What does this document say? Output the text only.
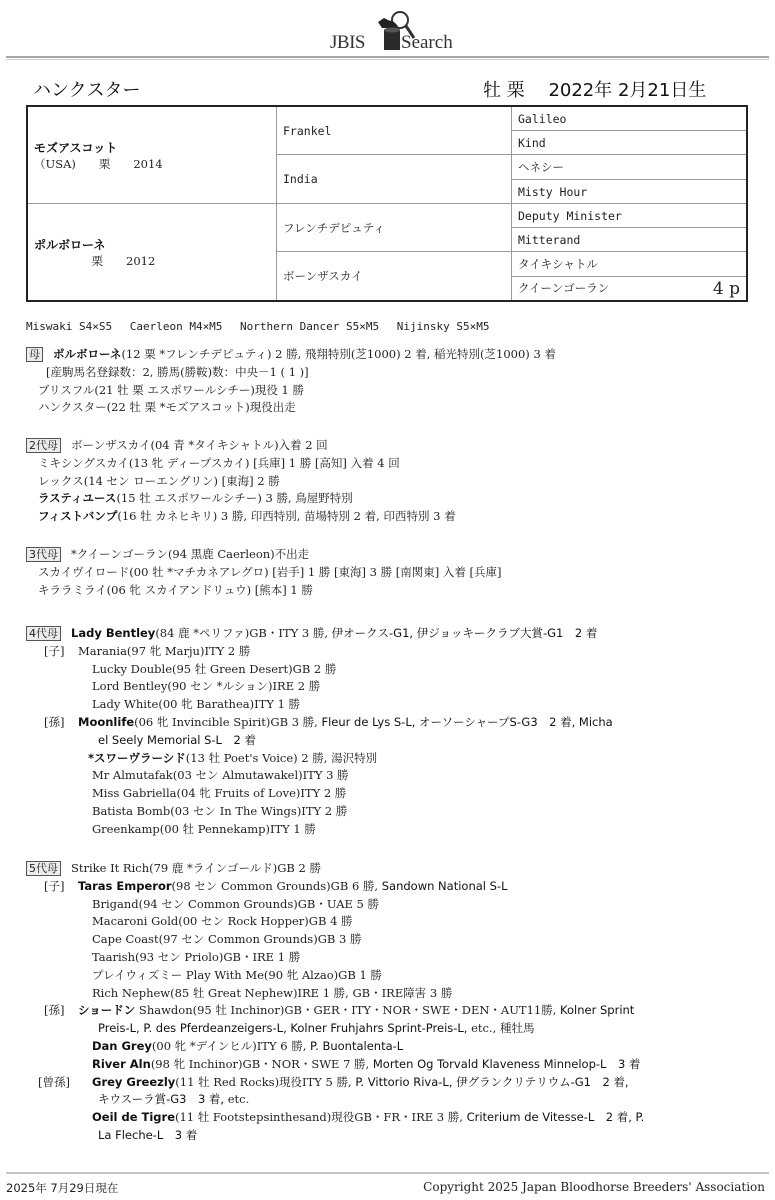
JBIS Search
ハンクスター	牡 栗　 2022年 2月21日生
モズアスコット
（USA)　　栗　　2014	Frankel	Galileo
		Kind
	India	ヘネシー
		Misty Hour

ポルボローネ
　　　　　栗　　2012	フレンチデピュティ	Deputy Minister
		Mitterand
	ボーンザスカイ	タイキシャトル
		クイーンゴーラン 4 p
Miswaki S4×S5　 Caerleon M4×M5　 Northern Dancer S5×M5　 Nijinsky S5×M5
母 ポルボローネ(12 栗 *フレンチデピュティ) 2 勝, 飛翔特別(芝1000) 2 着, 稲光特別(芝1000) 3 着
[産駒馬名登録数：2, 勝馬(勝鞍)数：中央－1 ( 1 )]
ブリスフル(21 牡 栗 エスポワールシチー)現役 1 勝
ハンクスター(22 牡 栗 *モズアスコット)現役出走
2代母 ボーンザスカイ(04 青 *タイキシャトル)入着 2 回
ミキシングスカイ(13 牝 ディープスカイ) [兵庫] 1 勝 [高知] 入着 4 回
レックス(14 セン ローエングリン) [東海] 2 勝
ラスティユース(15 牡 エスポワールシチー) 3 勝, 鳥屋野特別
フィストバンプ(16 牡 カネヒキリ) 3 勝, 印西特別, 苗場特別 2 着, 印西特別 3 着
3代母 *クイーンゴーラン(94 黒鹿 Caerleon)不出走
スカイヴイロード(00 牡 *マチカネアレグロ) [岩手] 1 勝 [東海] 3 勝 [南関東] 入着 [兵庫]
キララミライ(06 牝 スカイアンドリュウ) [熊本] 1 勝
4代母 Lady Bentley(84 鹿 *ペリファ)GB・ITY 3 勝, 伊オークス-G1, 伊ジョッキークラブ大賞-G1　2 着
[子] Marania(97 牝 Marju)ITY 2 勝
Lucky Double(95 牡 Green Desert)GB 2 勝
Lord Bentley(90 セン *ルション)IRE 2 勝
Lady White(00 牝 Barathea)ITY 1 勝
[孫] Moonlife(06 牝 Invincible Spirit)GB 3 勝, Fleur de Lys S-L, オーソーシャープS-G3　2 着, Micha
el Seely Memorial S-L　2 着
*スワーヴラーシド(13 牡 Poet's Voice) 2 勝, 湯沢特別
Mr Almutafak(03 セン Almutawakel)ITY 3 勝
Miss Gabriella(04 牝 Fruits of Love)ITY 2 勝
Batista Bomb(03 セン In The Wings)ITY 2 勝
Greenkamp(00 牡 Pennekamp)ITY 1 勝
5代母 Strike It Rich(79 鹿 *ラインゴールド)GB 2 勝
[子] Taras Emperor(98 セン Common Grounds)GB 6 勝, Sandown National S-L
Brigand(94 セン Common Grounds)GB・UAE 5 勝
Macaroni Gold(00 セン Rock Hopper)GB 4 勝
Cape Coast(97 セン Common Grounds)GB 3 勝
Taarish(93 セン Priolo)GB・IRE 1 勝
プレイウィズミー Play With Me(90 牝 Alzao)GB 1 勝
Rich Nephew(85 牡 Great Nephew)IRE 1 勝, GB・IRE障害 3 勝
[孫] ショードン Shawdon(95 牡 Inchinor)GB・GER・ITY・NOR・SWE・DEN・AUT11勝, Kolner Sprint
Preis-L, P. des Pferdeanzeigers-L, Kolner Fruhjahrs Sprint-Preis-L, etc., 種牡馬
Dan Grey(00 牝 *デインヒル)ITY 6 勝, P. Buontalenta-L
River Aln(98 牝 Inchinor)GB・NOR・SWE 7 勝, Morten Og Torvald Klaveness Minnelop-L　3 着
[曾孫] Grey Greezly(11 牡 Red Rocks)現役ITY 5 勝, P. Vittorio Riva-L, 伊グランクリテリウム-G1　2 着,
キウスーラ賞-G3　3 着, etc.
Oeil de Tigre(11 牡 Footstepsinthesand)現役GB・FR・IRE 3 勝, Criterium de Vitesse-L　2 着, P.
La Fleche-L　3 着
2025年 7月29日現在	Copyright 2025 Japan Bloodhorse Breeders' Association
